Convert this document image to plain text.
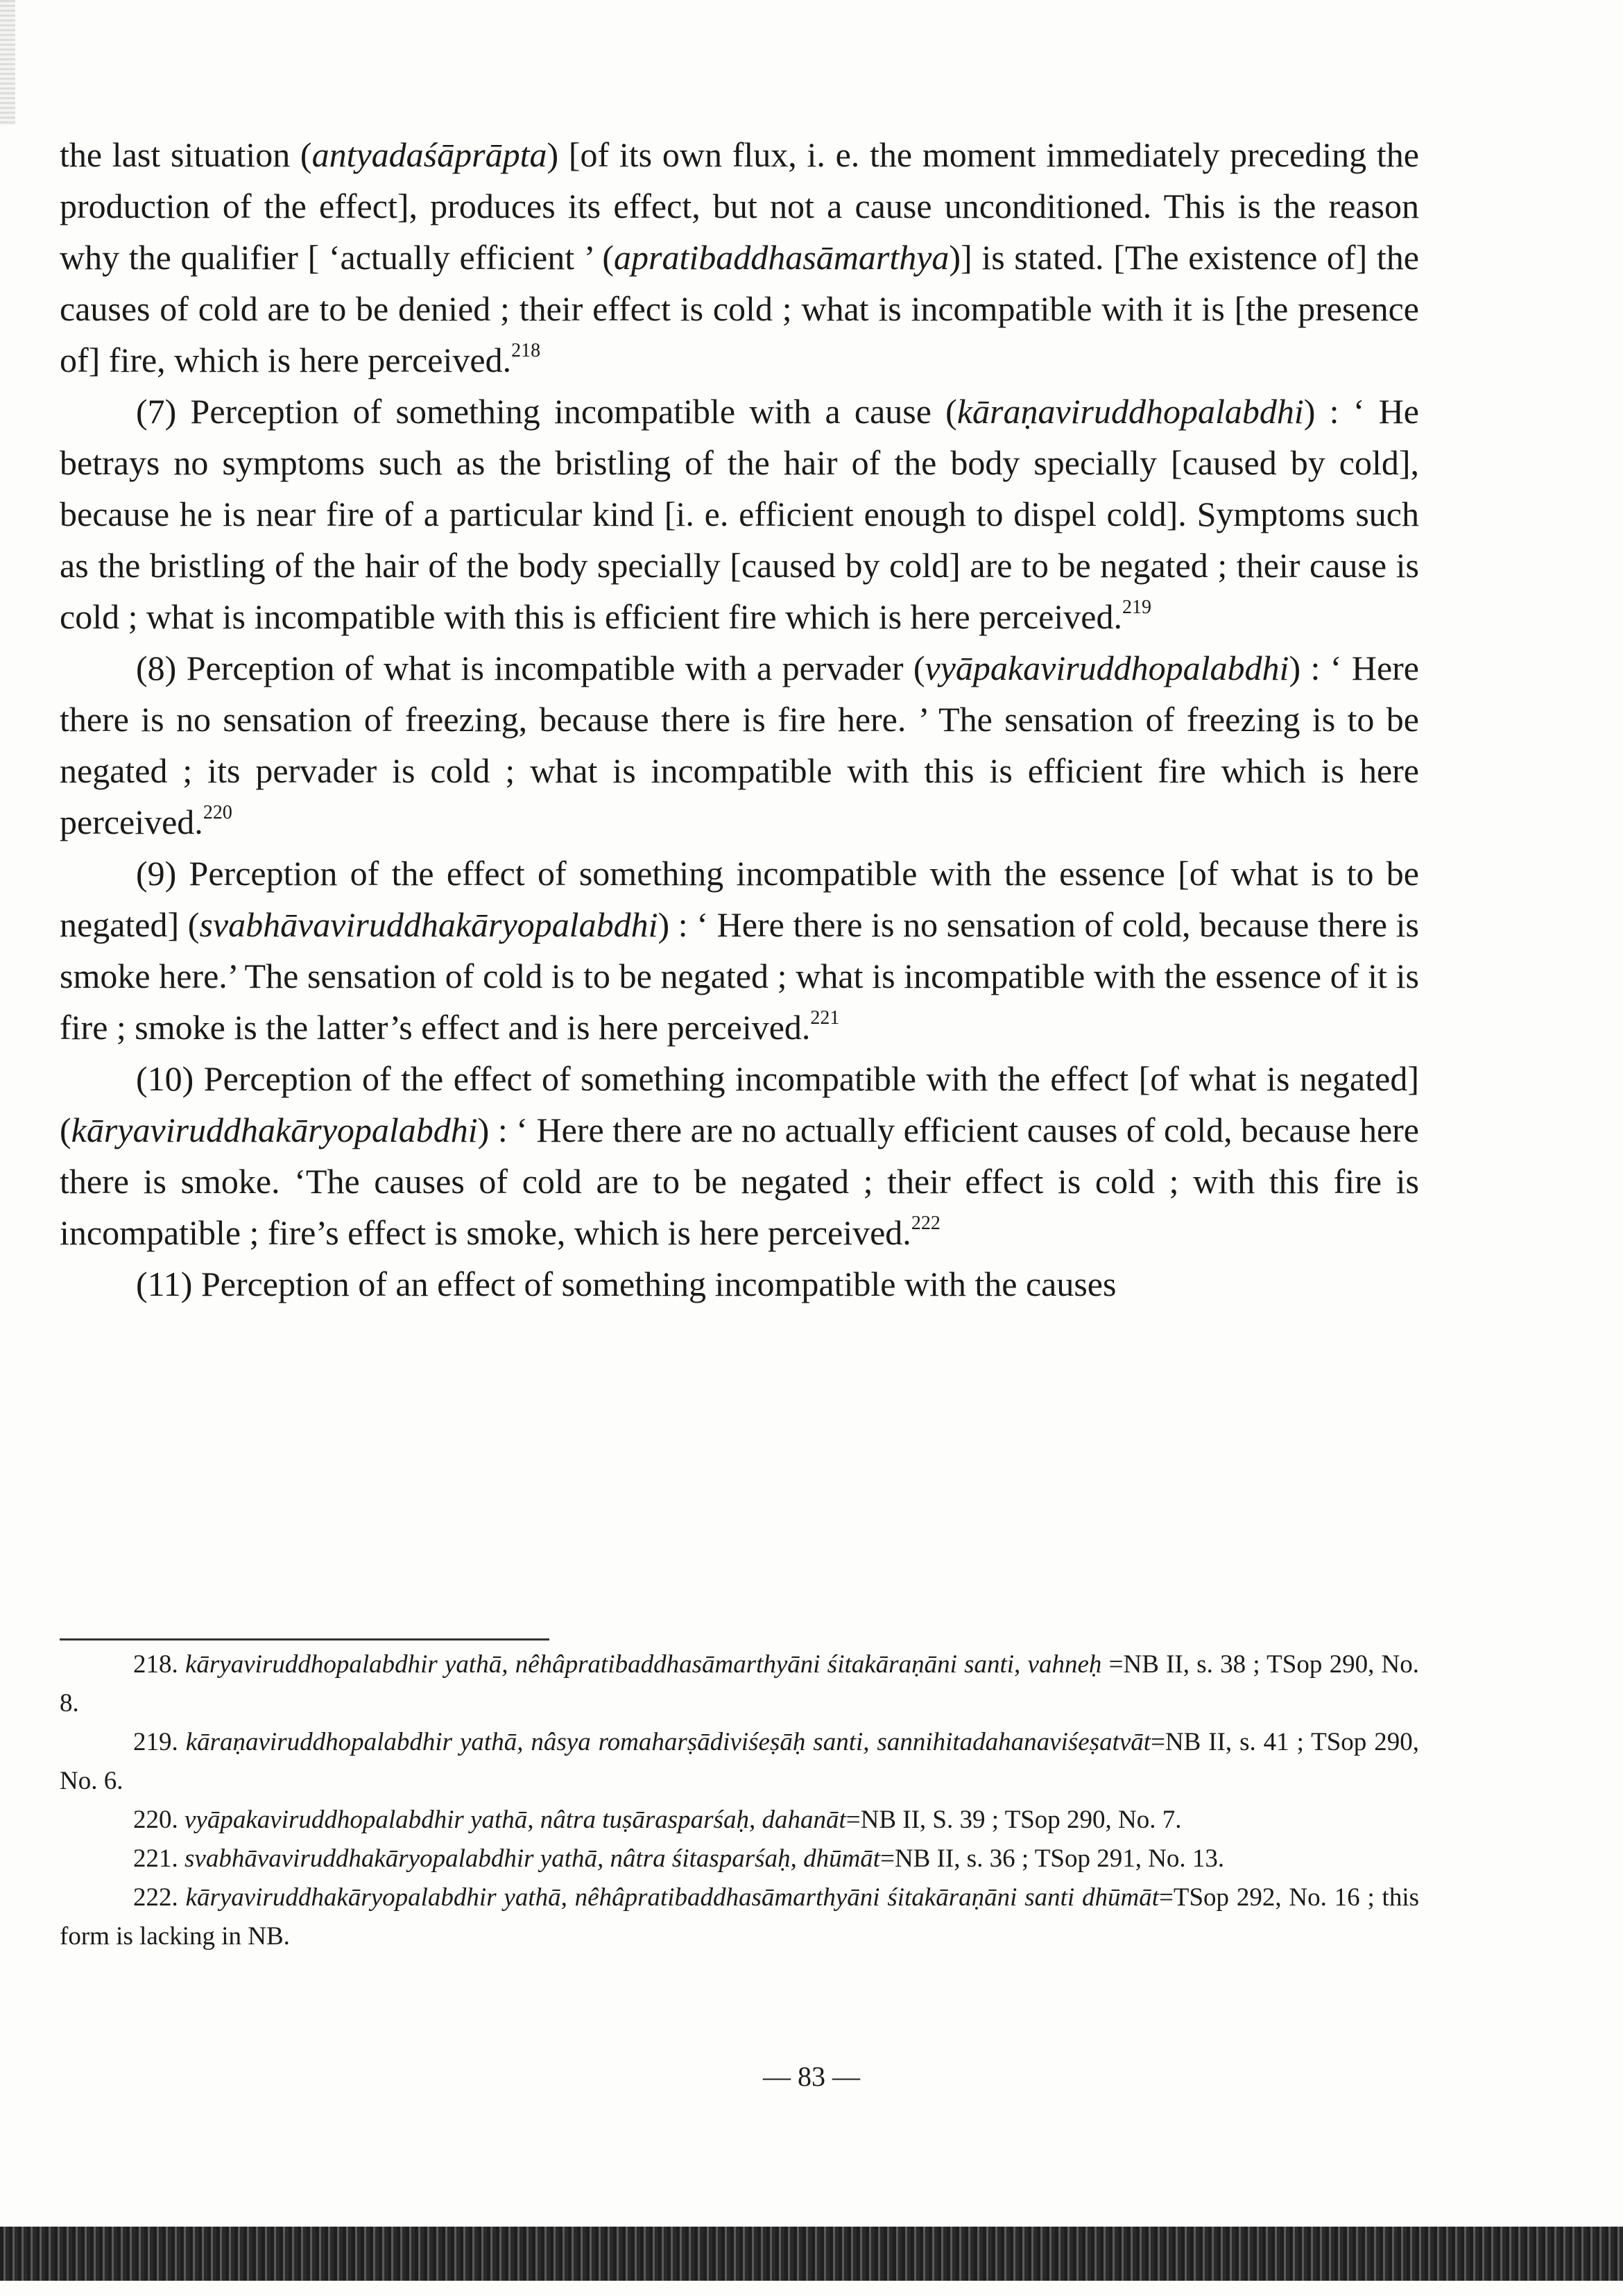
the last situation (antyadaśāprāpta) [of its own flux, i. e. the moment immediately preceding the production of the effect], produces its effect, but not a cause unconditioned. This is the reason why the qualifier [ ‘actually efficient ’ (apratibaddhasāmarthya)] is stated. [The existence of] the causes of cold are to be denied ; their effect is cold ; what is incompatible with it is [the presence of] fire, which is here perceived.$^{218}$

(7) Perception of something incompatible with a cause (kāraṇaviruddhopalabdhi) : ‘ He betrays no symptoms such as the bristling of the hair of the body specially [caused by cold], because he is near fire of a particular kind [i. e. efficient enough to dispel cold]. Symptoms such as the bristling of the hair of the body specially [caused by cold] are to be negated ; their cause is cold ; what is incompatible with this is efficient fire which is here perceived.$^{219}$

(8) Perception of what is incompatible with a pervader (vyāpakaviruddhopalabdhi) : ‘ Here there is no sensation of freezing, because there is fire here. ’ The sensation of freezing is to be negated ; its pervader is cold ; what is incompatible with this is efficient fire which is here perceived.$^{220}$

(9) Perception of the effect of something incompatible with the essence [of what is to be negated] (svabhāvaviruddhakāryopalabdhi) : ‘ Here there is no sensation of cold, because there is smoke here.’ The sensation of cold is to be negated ; what is incompatible with the essence of it is fire ; smoke is the latter’s effect and is here perceived.$^{221}$

(10) Perception of the effect of something incompatible with the effect [of what is negated] (kāryaviruddhakāryopalabdhi) : ‘ Here there are no actually efficient causes of cold, because here there is smoke. ‘The causes of cold are to be negated ; their effect is cold ; with this fire is incompatible ; fire’s effect is smoke, which is here perceived.$^{222}$

(11) Perception of an effect of something incompatible with the causes

218. kāryaviruddhopalabdhir yathā, nêhâpratibaddhasāmarthyāni śitakāraṇāni santi, vahneḥ =NB II, s. 38 ; TSop 290, No. 8.

219. kāraṇaviruddhopalabdhir yathā, nâsya romaharṣādiviśeṣāḥ santi, sannihitadahanaviśeṣatvāt=NB II, s. 41 ; TSop 290, No. 6.

220. vyāpakaviruddhopalabdhir yathā, nâtra tuṣārasparśaḥ, dahanāt=NB II, S. 39 ; TSop 290, No. 7.

221. svabhāvaviruddhakāryopalabdhir yathā, nâtra śitasparśaḥ, dhūmāt=NB II, s. 36 ; TSop 291, No. 13.

222. kāryaviruddhakāryopalabdhir yathā, nêhâpratibaddhasāmarthyāni śitakāraṇāni santi dhūmāt=TSop 292, No. 16 ; this form is lacking in NB.

— 83 —
